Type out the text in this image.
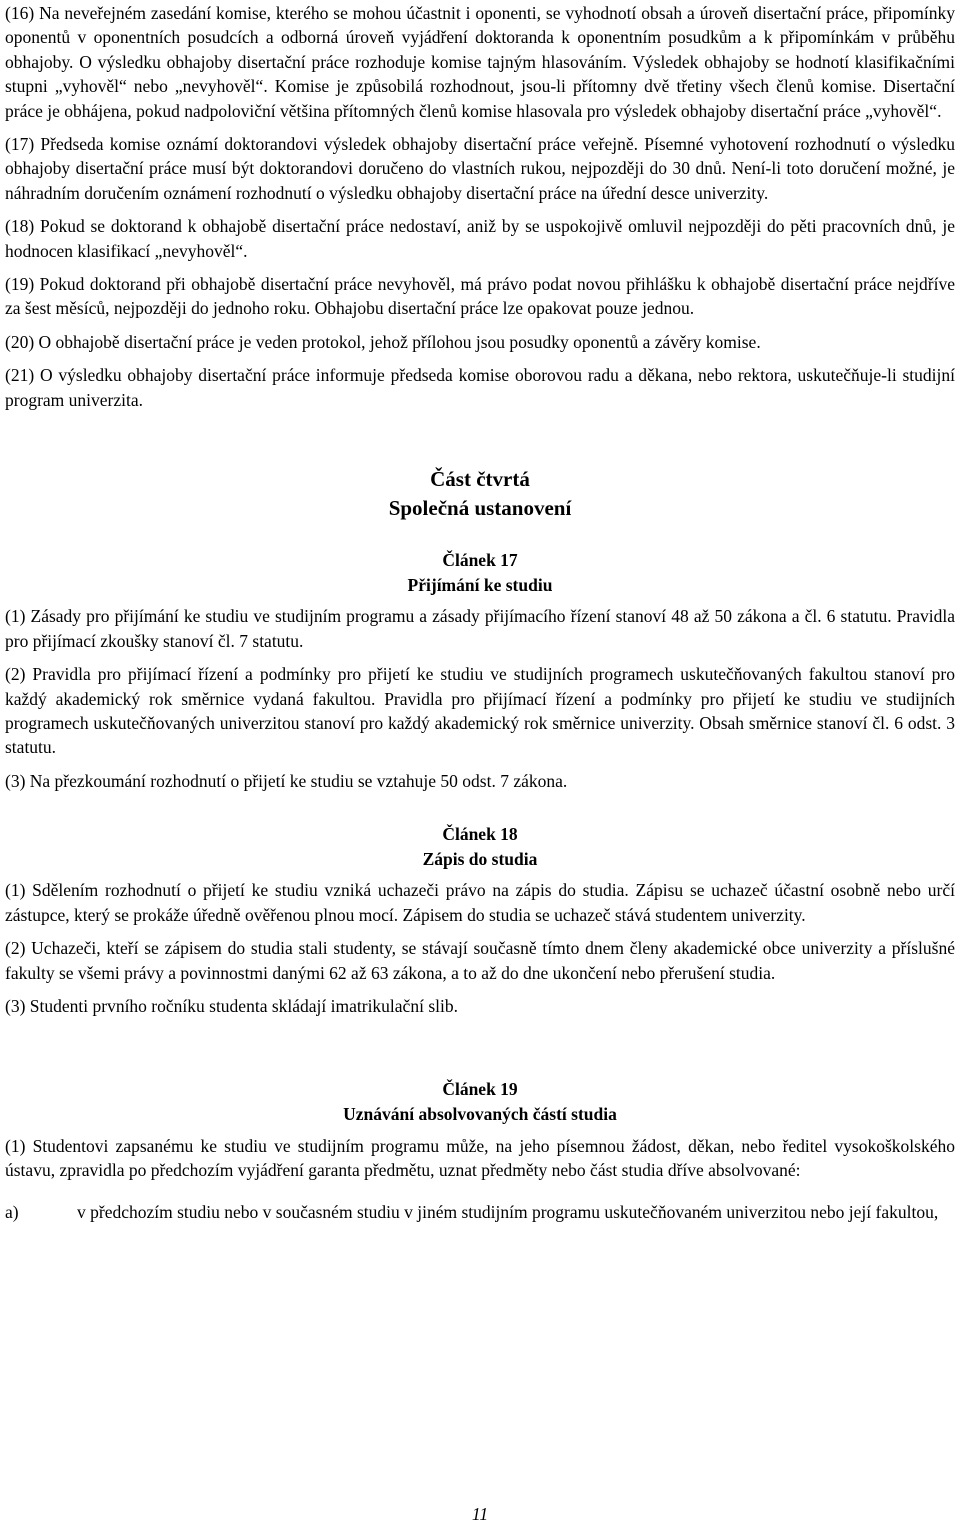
(16) Na neveřejném zasedání komise, kterého se mohou účastnit i oponenti, se vyhodnotí obsah a úroveň disertační práce, připomínky oponentů v oponentních posudcích a odborná úroveň vyjádření doktoranda k oponentním posudkům a k připomínkám v průběhu obhajoby. O výsledku obhajoby disertační práce rozhoduje komise tajným hlasováním. Výsledek obhajoby se hodnotí klasifikačními stupni „vyhověl“ nebo „nevyhověl“. Komise je způsobilá rozhodnout, jsou-li přítomny dvě třetiny všech členů komise. Disertační práce je obhájena, pokud nadpoloviční většina přítomných členů komise hlasovala pro výsledek obhajoby disertační práce „vyhověl“.

(17) Předseda komise oznámí doktorandovi výsledek obhajoby disertační práce veřejně. Písemné vyhotovení rozhodnutí o výsledku obhajoby disertační práce musí být doktorandovi doručeno do vlastních rukou, nejpozději do 30 dnů. Není-li toto doručení možné, je náhradním doručením oznámení rozhodnutí o výsledku obhajoby disertační práce na úřední desce univerzity.

(18) Pokud se doktorand k obhajobě disertační práce nedostaví, aniž by se uspokojivě omluvil nejpozději do pěti pracovních dnů, je hodnocen klasifikací „nevyhověl“.

(19) Pokud doktorand při obhajobě disertační práce nevyhověl, má právo podat novou přihlášku k obhajobě disertační práce nejdříve za šest měsíců, nejpozději do jednoho roku. Obhajobu disertační práce lze opakovat pouze jednou.

(20) O obhajobě disertační práce je veden protokol, jehož přílohou jsou posudky oponentů a závěry komise.

(21) O výsledku obhajoby disertační práce informuje předseda komise oborovou radu a děkana, nebo rektora, uskutečňuje-li studijní program univerzita.

Část čtvrtá
Společná ustanovení
Článek 17
Přijímání ke studiu

(1) Zásady pro přijímání ke studiu ve studijním programu a zásady přijímacího řízení stanoví 48 až 50 zákona a čl. 6 statutu. Pravidla pro přijímací zkoušky stanoví čl. 7 statutu.

(2) Pravidla pro přijímací řízení a podmínky pro přijetí ke studiu ve studijních programech uskutečňovaných fakultou stanoví pro každý akademický rok směrnice vydaná fakultou. Pravidla pro přijímací řízení a podmínky pro přijetí ke studiu ve studijních programech uskutečňovaných univerzitou stanoví pro každý akademický rok směrnice univerzity. Obsah směrnice stanoví čl. 6 odst. 3 statutu.

(3) Na přezkoumání rozhodnutí o přijetí ke studiu se vztahuje 50 odst. 7 zákona.

Článek 18
Zápis do studia

(1) Sdělením rozhodnutí o přijetí ke studiu vzniká uchazeči právo na zápis do studia. Zápisu se uchazeč účastní osobně nebo určí zástupce, který se prokáže úředně ověřenou plnou mocí. Zápisem do studia se uchazeč stává studentem univerzity.

(2) Uchazeči, kteří se zápisem do studia stali studenty, se stávají současně tímto dnem členy akademické obce univerzity a příslušné fakulty se všemi právy a povinnostmi danými 62 až 63 zákona, a to až do dne ukončení nebo přerušení studia.

(3) Studenti prvního ročníku studenta skládají imatrikulační slib.

Článek 19
Uznávání absolvovaných částí studia

(1) Studentovi zapsanému ke studiu ve studijním programu může, na jeho písemnou žádost, děkan, nebo ředitel vysokoškolského ústavu, zpravidla po předchozím vyjádření garanta předmětu, uznat předměty nebo část studia dříve absolvované:

a)	v předchozím studiu nebo v současném studiu v jiném studijním programu uskutečňovaném univerzitou nebo její fakultou,
11
